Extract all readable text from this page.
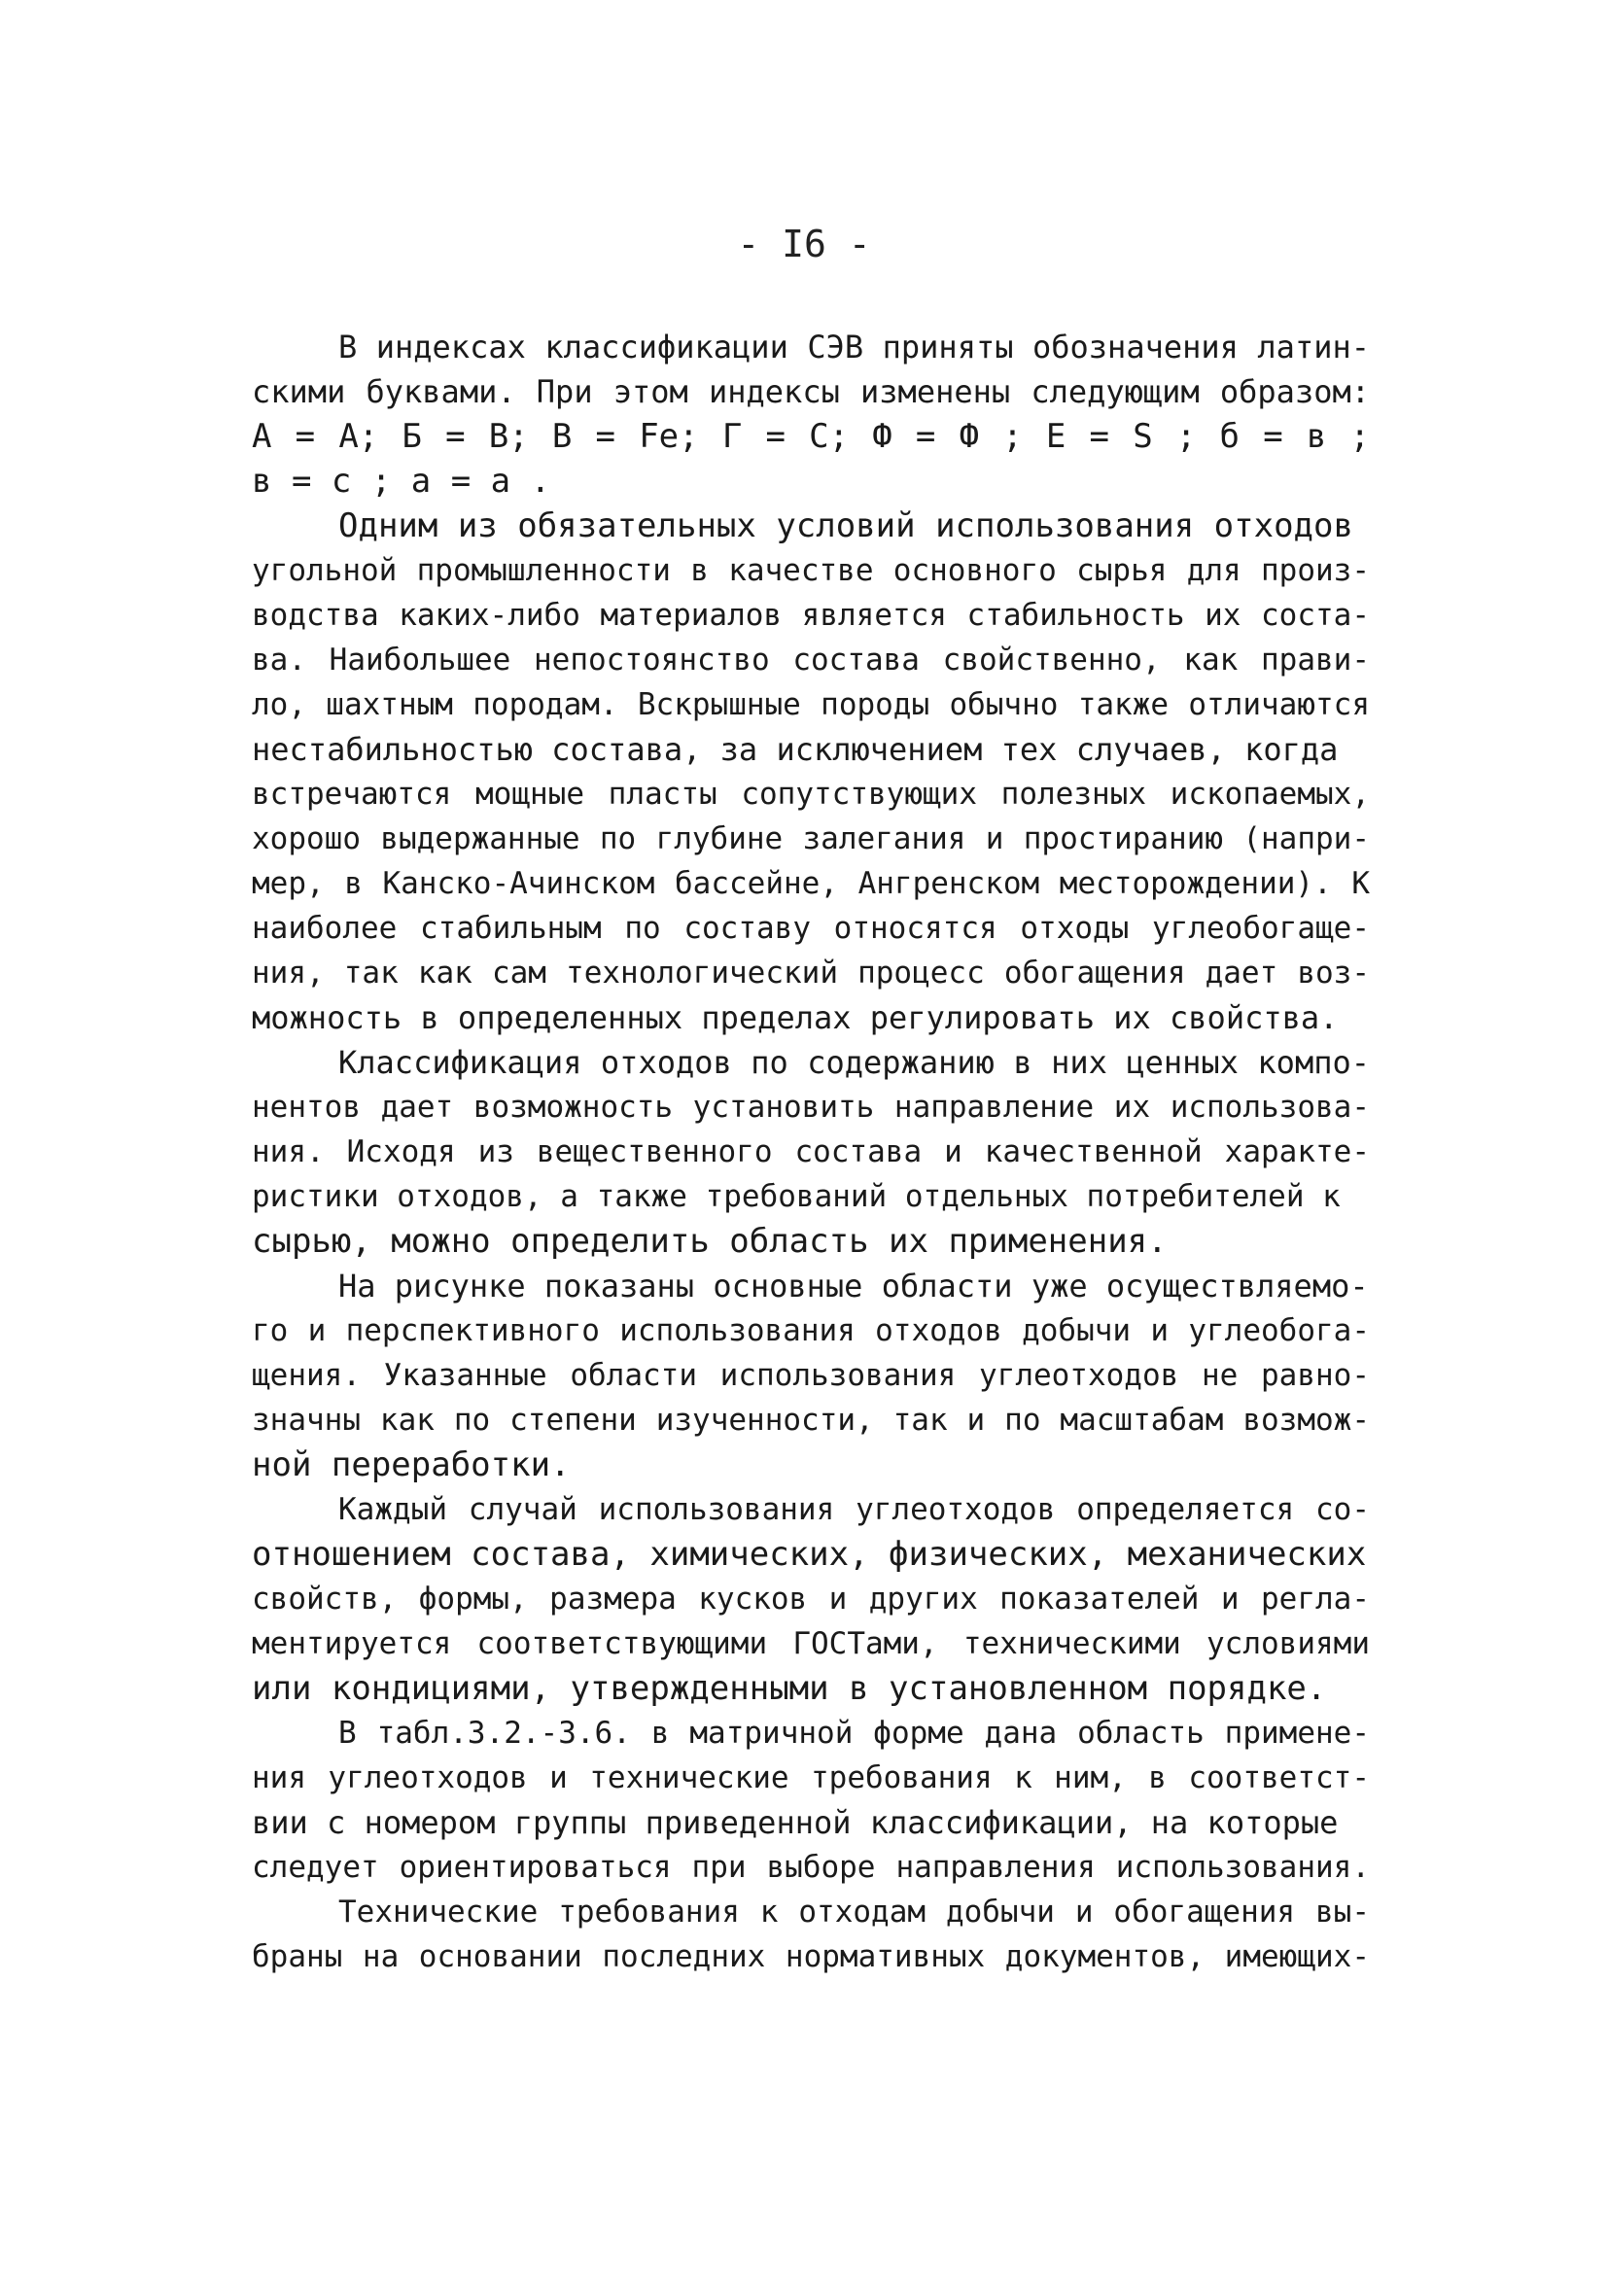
- I6 -
В индексах классификации СЭВ приняты обозначения латин-
скими буквами. При этом индексы изменены следующим образом:
А = А; Б = В; В = Fe; Г = С; Ф = Ф ; Е = S ; б = в ;
в = с ; а = а .
Одним из обязательных условий использования отходов
угольной промышленности в качестве основного сырья для произ-
водства каких-либо материалов является стабильность их соста-
ва. Наибольшее непостоянство состава свойственно, как прави-
ло, шахтным породам. Вскрышные породы обычно также отличаются
нестабильностью состава, за исключением тех случаев, когда
встречаются мощные пласты сопутствующих полезных ископаемых,
хорошо выдержанные по глубине залегания и простиранию (напри-
мер, в Канско-Ачинском бассейне, Ангренском месторождении). К
наиболее стабильным по составу относятся отходы углеобогаще-
ния, так как сам технологический процесс обогащения дает воз-
можность в определенных пределах регулировать их свойства.
Классификация отходов по содержанию в них ценных компо-
нентов дает возможность установить направление их использова-
ния. Исходя из вещественного состава и качественной характе-
ристики отходов, а также требований отдельных потребителей к
сырью, можно определить область их применения.
На рисунке показаны основные области уже осуществляемо-
го и перспективного использования отходов добычи и углеобога-
щения. Указанные области использования углеотходов не равно-
значны как по степени изученности, так и по масштабам возмож-
ной переработки.
Каждый случай использования углеотходов определяется со-
отношением состава, химических, физических, механических
свойств, формы, размера кусков и других показателей и регла-
ментируется соответствующими ГОСТами, техническими условиями
или кондициями, утвержденными в установленном порядке.
В табл.3.2.-3.6. в матричной форме дана область примене-
ния углеотходов и технические требования к ним, в соответст-
вии с номером группы приведенной классификации, на которые
следует ориентироваться при выборе направления использования.
Технические требования к отходам добычи и обогащения вы-
браны на основании последних нормативных документов, имеющих-
